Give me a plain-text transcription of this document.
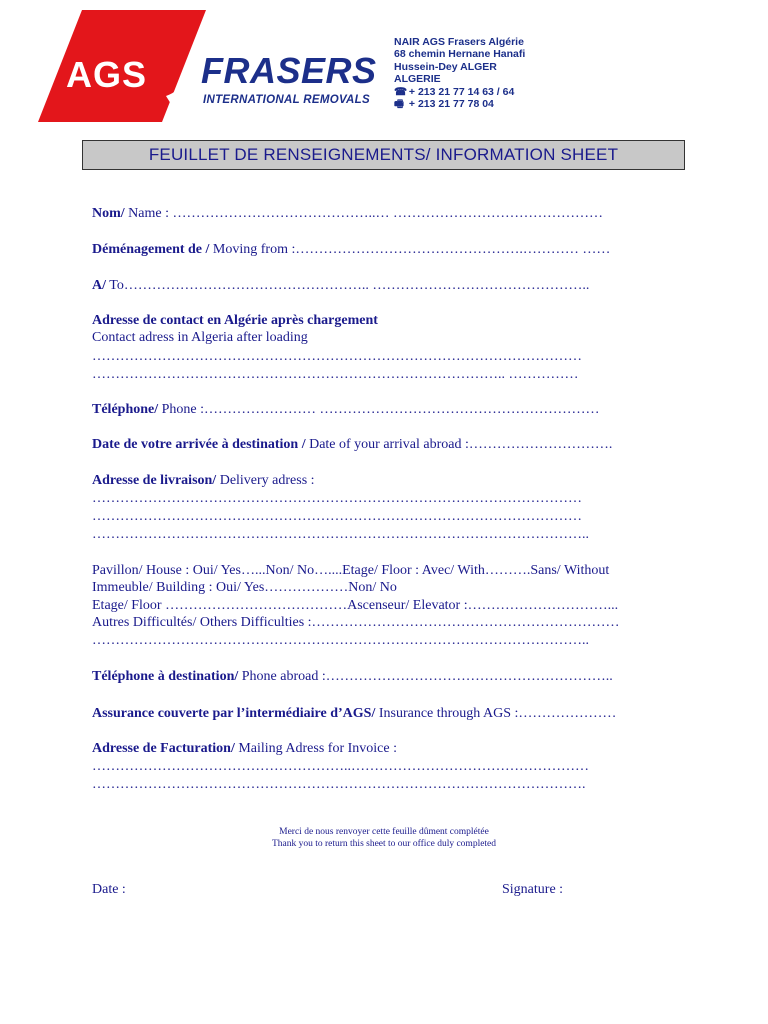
AGS FRASERS
INTERNATIONAL REMOVALS
NAIR AGS Frasers Algérie
68 chemin Hernane Hanafi
Hussein-Dey ALGER
ALGERIE
☎ + 213 21 77 14 63 / 64
🖷 + 213 21 77 78 04
FEUILLET DE RENSEIGNEMENTS/ INFORMATION SHEET
Nom/ Name : ……………………………………..… ………………………………………
Déménagement de / Moving from :………………………………………….………… ……
A/ To…………………………………………….. ………………………………………..
Adresse de contact en Algérie après chargement
Contact adress in Algeria after loading
……………………………………………………………………………………………
…………………………………………………………………………….. ……………
Téléphone/ Phone :…………………… ……………………………………………………
Date de votre arrivée à destination / Date of your arrival abroad :………………………….
Adresse de livraison/ Delivery adress :
……………………………………………………………………………………………
……………………………………………………………………………………………
……………………………………………………………………………………………..
Pavillon/ House : Oui/ Yes…...Non/ No…....Etage/ Floor : Avec/ With……….Sans/ Without
Immeuble/ Building : Oui/ Yes………………Non/ No
Etage/ Floor …………………………………Ascenseur/ Elevator :…………………………...
Autres Difficultés/ Others Difficulties :…………………………………………………………
……………………………………………………………………………………………..
Téléphone à destination/ Phone abroad :……………………………………………………..
Assurance couverte par l’intermédiaire d’AGS/ Insurance through AGS :…………………
Adresse de Facturation/ Mailing Adress for Invoice :
………………………………………………..……………………………………………
…………………………………………………………………………………………….
Merci de nous renvoyer cette feuille dûment complétée
Thank you to return this sheet to our office duly completed
Date :	Signature :
